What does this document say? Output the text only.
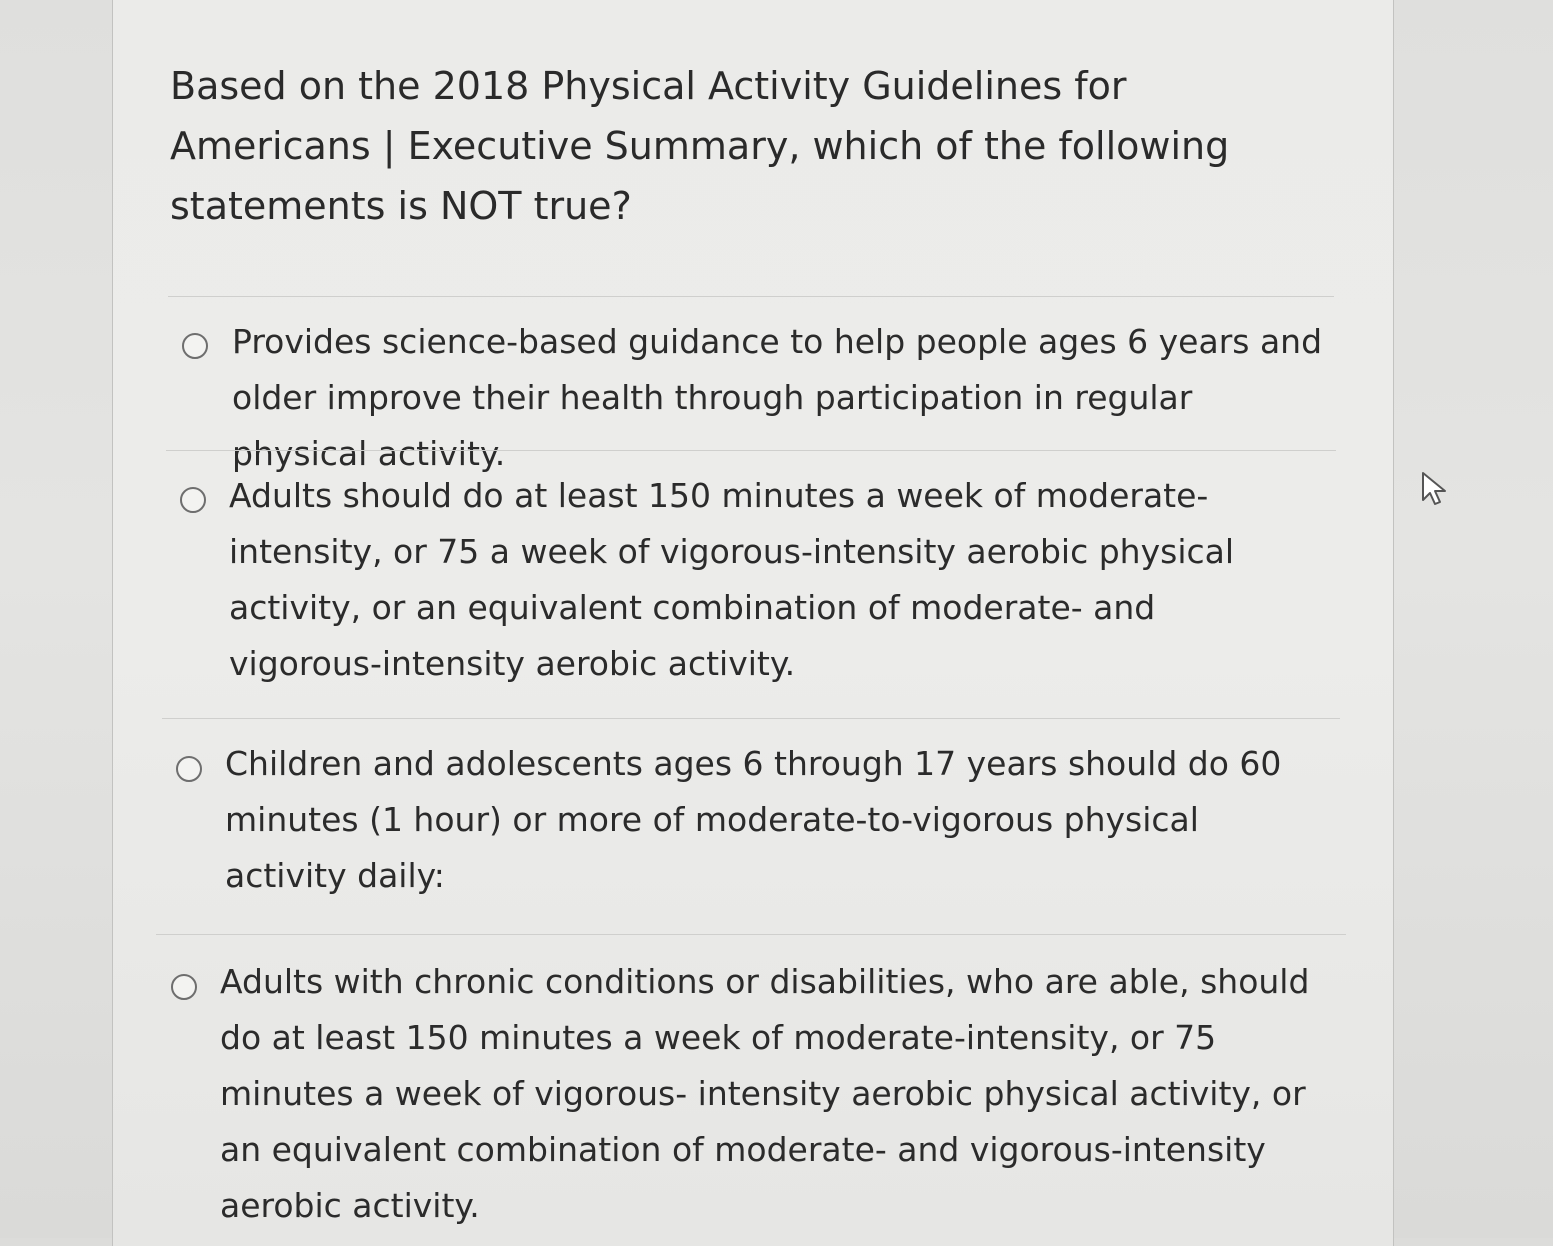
Based on the 2018 Physical Activity Guidelines for Americans | Executive Summary, which of the following statements is NOT true?

Provides science-based guidance to help people ages 6 years and older improve their health through participation in regular physical activity.

Adults should do at least 150 minutes a week of moderate-intensity, or 75 a week of vigorous-intensity aerobic physical activity, or an equivalent combination of moderate- and vigorous-intensity aerobic activity.

Children and adolescents ages 6 through 17 years should do 60 minutes (1 hour) or more of moderate-to-vigorous physical activity daily:

Adults with chronic conditions or disabilities, who are able, should do at least 150 minutes a week of moderate-intensity, or 75 minutes a week of vigorous- intensity aerobic physical activity, or an equivalent combination of moderate- and vigorous-intensity aerobic activity.
